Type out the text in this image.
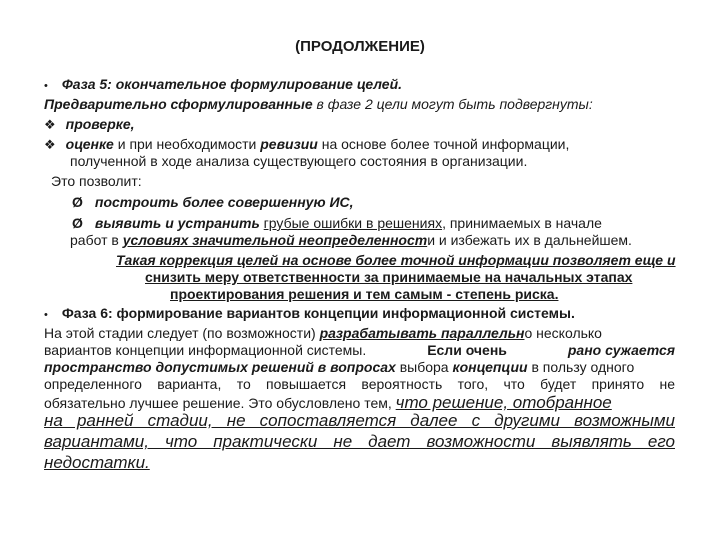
(ПРОДОЛЖЕНИЕ)
• Фаза 5: окончательное формулирование целей.
Предварительно сформулированные в фазе 2 цели могут быть подвергнуты:
❖ проверке,
❖ оценке и при необходимости ревизии на основе более точной информации,
полученной в ходе анализа существующего состояния в организации.
Это позволит:
Ø построить более совершенную ИС,
Ø выявить и устранить грубые ошибки в решениях, принимаемых в начале
работ в условиях значительной неопределенности и избежать их в дальнейшем.
Такая коррекция целей на основе более точной информации позволяет еще и
снизить меру ответственности за принимаемые на начальных этапах
проектирования решения и тем самым - степень риска.
• Фаза 6: формирование вариантов концепции информационной системы.
На этой стадии следует (по возможности) разрабатывать параллельно несколько
вариантов концепции информационной системы.	Если очень	рано сужается
пространство допустимых решений в вопросах выбора концепции в пользу одного
определенного варианта, то повышается вероятность того, что будет принято не
обязательно лучшее решение. Это обусловлено тем, что решение, отобранное
на ранней стадии, не сопоставляется далее с другими возможными
вариантами, что практически не дает возможности выявлять его
недостатки.
